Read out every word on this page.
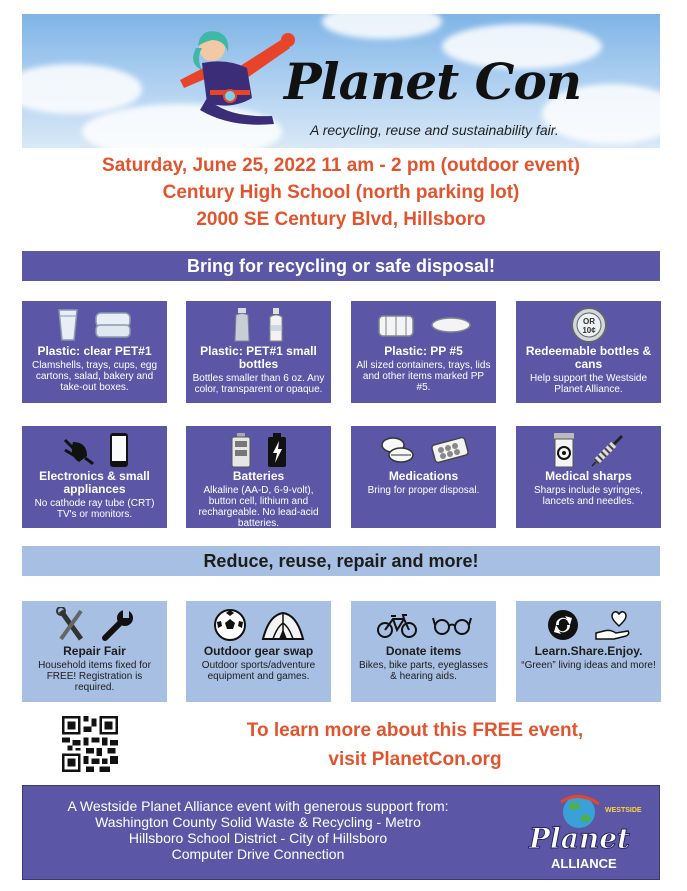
Planet Con
A recycling, reuse and sustainability fair.
Saturday, June 25, 2022 11 am - 2 pm (outdoor event)
Century High School (north parking lot)
2000 SE Century Blvd, Hillsboro
Bring for recycling or safe disposal!
Plastic: clear PET#1
Clamshells, trays, cups, egg cartons, salad, bakery and take-out boxes.
Plastic: PET#1 small bottles
Bottles smaller than 6 oz. Any color, transparent or opaque.
Plastic: PP #5
All sized containers, trays, lids and other items marked PP #5.
OR
10¢
Redeemable bottles & cans
Help support the Westside Planet Alliance.
Electronics & small appliances
No cathode ray tube (CRT) TV's or monitors.
Batteries
Alkaline (AA-D, 6-9-volt), button cell, lithium and rechargeable. No lead-acid batteries.
Medications
Bring for proper disposal.
Medical sharps
Sharps include syringes, lancets and needles.
Reduce, reuse, repair and more!
Repair Fair
Household items fixed for FREE! Registration is required.
Outdoor gear swap
Outdoor sports/adventure equipment and games.
Donate items
Bikes, bike parts, eyeglasses & hearing aids.
Learn.Share.Enjoy.
“Green” living ideas and more!
To learn more about this FREE event,
visit PlanetCon.org
A Westside Planet Alliance event with generous support from:
Washington County Solid Waste & Recycling - Metro
Hillsboro School District - City of Hillsboro
Computer Drive Connection
WESTSIDE
Planet
ALLIANCE
